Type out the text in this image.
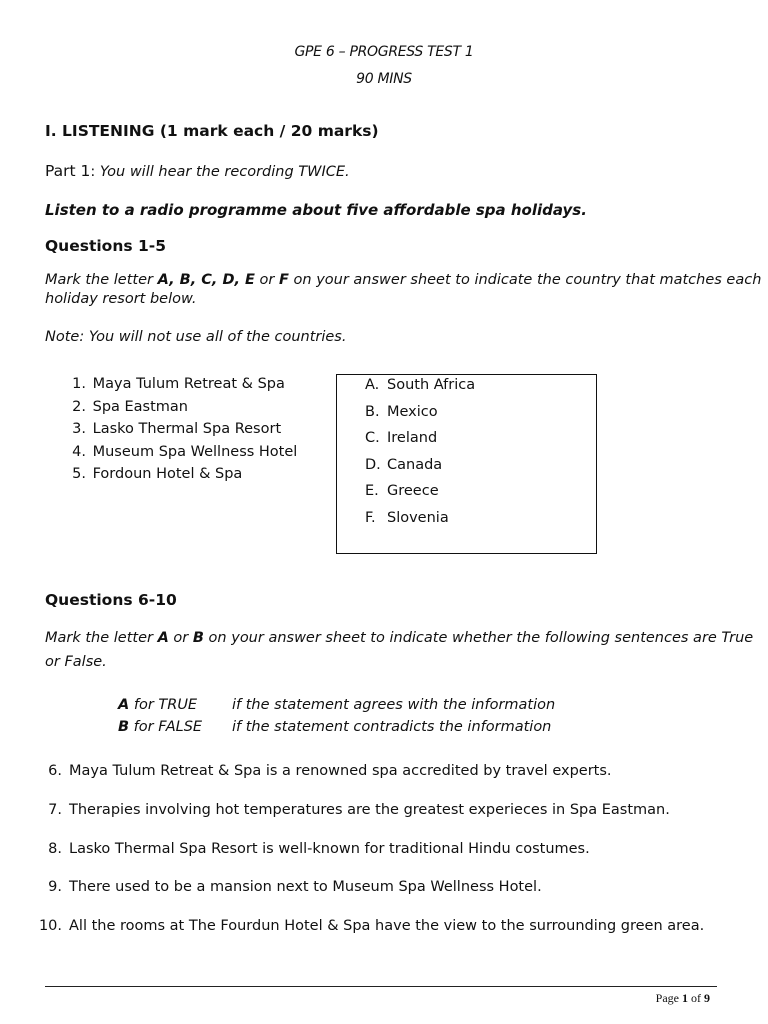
GPE 6 – PROGRESS TEST 1
90 MINS
I. LISTENING (1 mark each / 20 marks)
Part 1: You will hear the recording TWICE.
Listen to a radio programme about five affordable spa holidays.
Questions 1-5
Mark the letter A, B, C, D, E or F on your answer sheet to indicate the country that matches each
holiday resort below.
Note: You will not use all of the countries.
1. Maya Tulum Retreat & Spa
2. Spa Eastman
3. Lasko Thermal Spa Resort
4. Museum Spa Wellness Hotel
5. Fordoun Hotel & Spa
A. South Africa
B. Mexico
C. Ireland
D. Canada
E. Greece
F. Slovenia
Questions 6-10
Mark the letter A or B on your answer sheet to indicate whether the following sentences are True
or False.
A for TRUE if the statement agrees with the information
B for FALSE if the statement contradicts the information
6. Maya Tulum Retreat & Spa is a renowned spa accredited by travel experts.
7. Therapies involving hot temperatures are the greatest experieces in Spa Eastman.
8. Lasko Thermal Spa Resort is well-known for traditional Hindu costumes.
9. There used to be a mansion next to Museum Spa Wellness Hotel.
10. All the rooms at The Fourdun Hotel & Spa have the view to the surrounding green area.
Page 1 of 9
